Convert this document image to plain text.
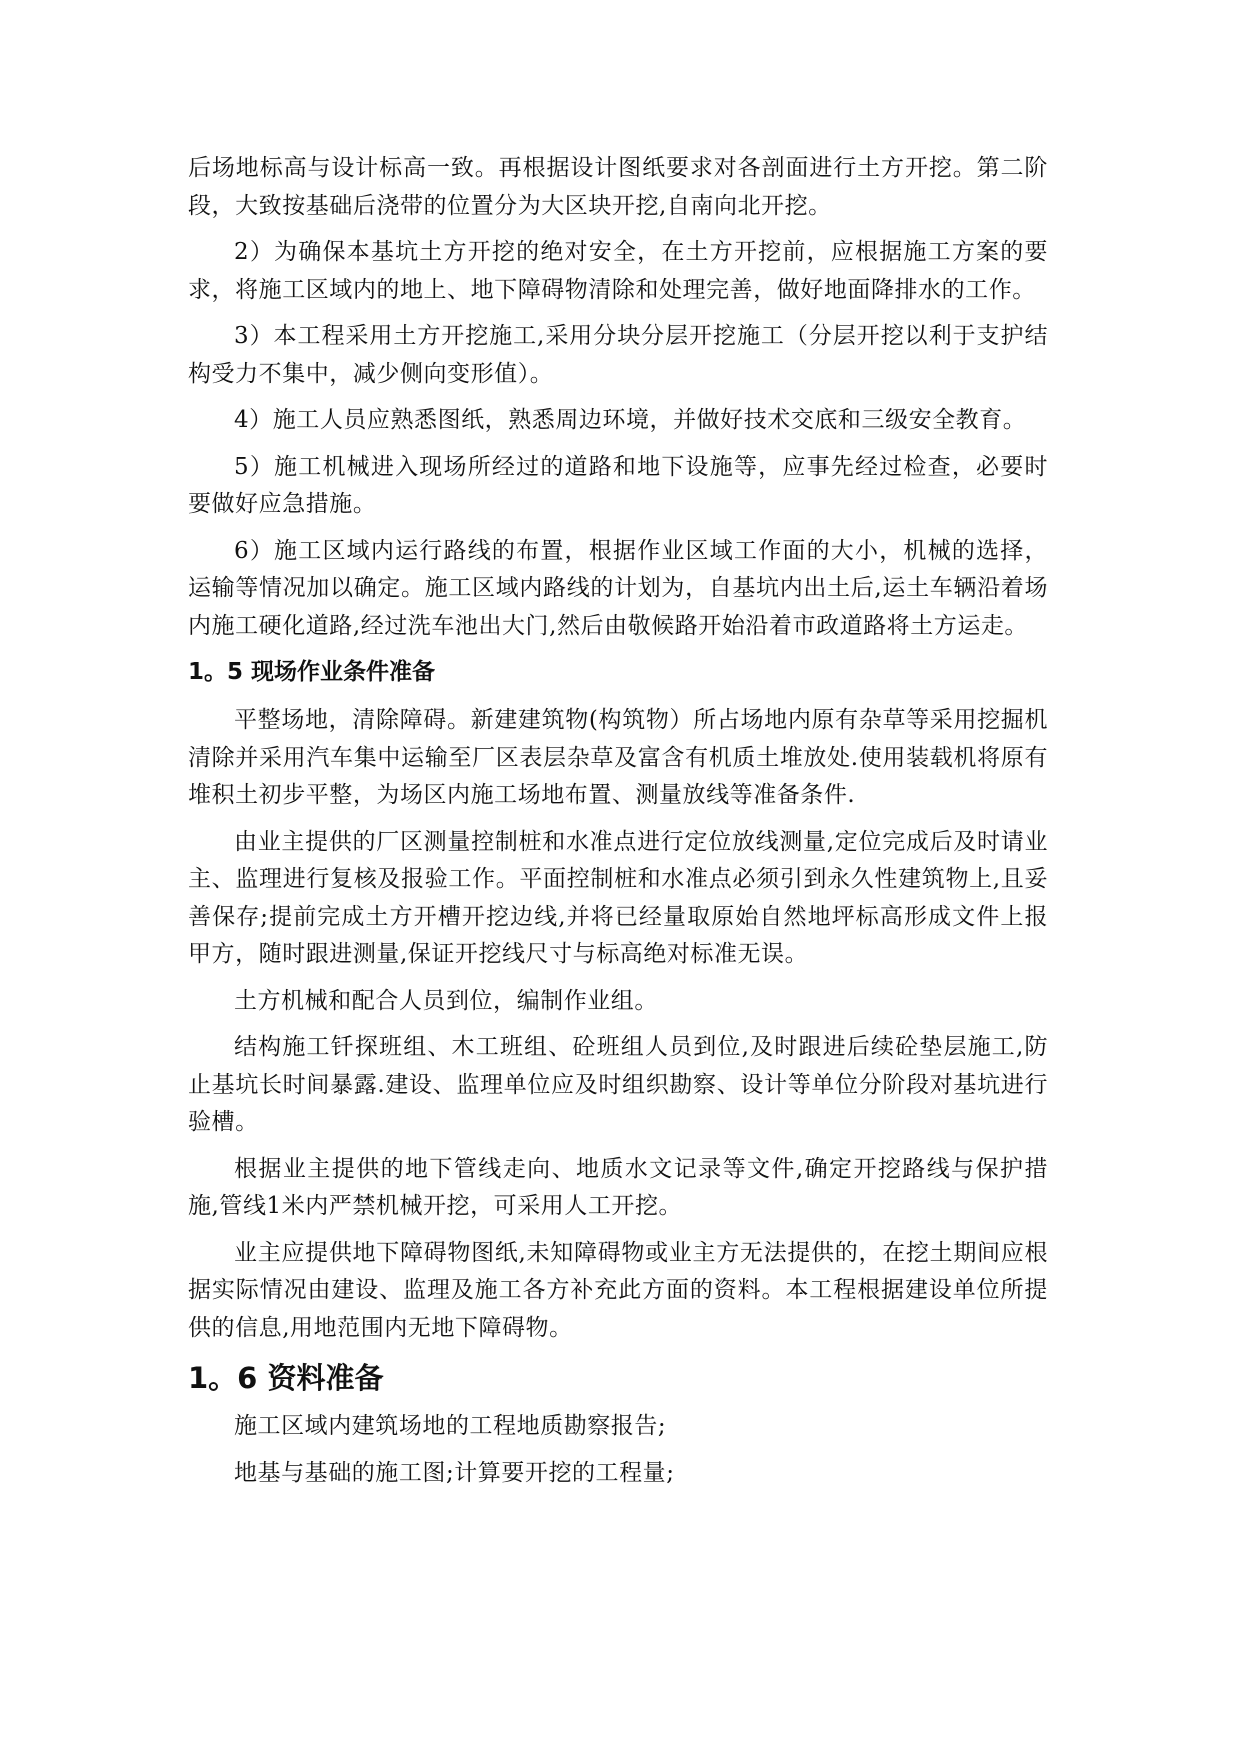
后场地标高与设计标高一致。再根据设计图纸要求对各剖面进行土方开挖。第二阶段，大致按基础后浇带的位置分为大区块开挖,自南向北开挖。

2）为确保本基坑土方开挖的绝对安全，在土方开挖前，应根据施工方案的要求，将施工区域内的地上、地下障碍物清除和处理完善，做好地面降排水的工作。

3）本工程采用土方开挖施工,采用分块分层开挖施工（分层开挖以利于支护结构受力不集中，减少侧向变形值）。

4）施工人员应熟悉图纸，熟悉周边环境，并做好技术交底和三级安全教育。

5）施工机械进入现场所经过的道路和地下设施等，应事先经过检查，必要时要做好应急措施。

6）施工区域内运行路线的布置，根据作业区域工作面的大小，机械的选择，运输等情况加以确定。施工区域内路线的计划为，自基坑内出土后,运土车辆沿着场内施工硬化道路,经过洗车池出大门,然后由敬候路开始沿着市政道路将土方运走。

1。5 现场作业条件准备

平整场地，清除障碍。新建建筑物(构筑物）所占场地内原有杂草等采用挖掘机清除并采用汽车集中运输至厂区表层杂草及富含有机质土堆放处.使用装载机将原有堆积土初步平整，为场区内施工场地布置、测量放线等准备条件.

由业主提供的厂区测量控制桩和水准点进行定位放线测量,定位完成后及时请业主、监理进行复核及报验工作。平面控制桩和水准点必须引到永久性建筑物上,且妥善保存;提前完成土方开槽开挖边线,并将已经量取原始自然地坪标高形成文件上报甲方，随时跟进测量,保证开挖线尺寸与标高绝对标准无误。

土方机械和配合人员到位，编制作业组。

结构施工钎探班组、木工班组、砼班组人员到位,及时跟进后续砼垫层施工,防止基坑长时间暴露.建设、监理单位应及时组织勘察、设计等单位分阶段对基坑进行验槽。

根据业主提供的地下管线走向、地质水文记录等文件,确定开挖路线与保护措施,管线1米内严禁机械开挖，可采用人工开挖。

业主应提供地下障碍物图纸,未知障碍物或业主方无法提供的，在挖土期间应根据实际情况由建设、监理及施工各方补充此方面的资料。本工程根据建设单位所提供的信息,用地范围内无地下障碍物。

1。6 资料准备

施工区域内建筑场地的工程地质勘察报告;

地基与基础的施工图;计算要开挖的工程量;
